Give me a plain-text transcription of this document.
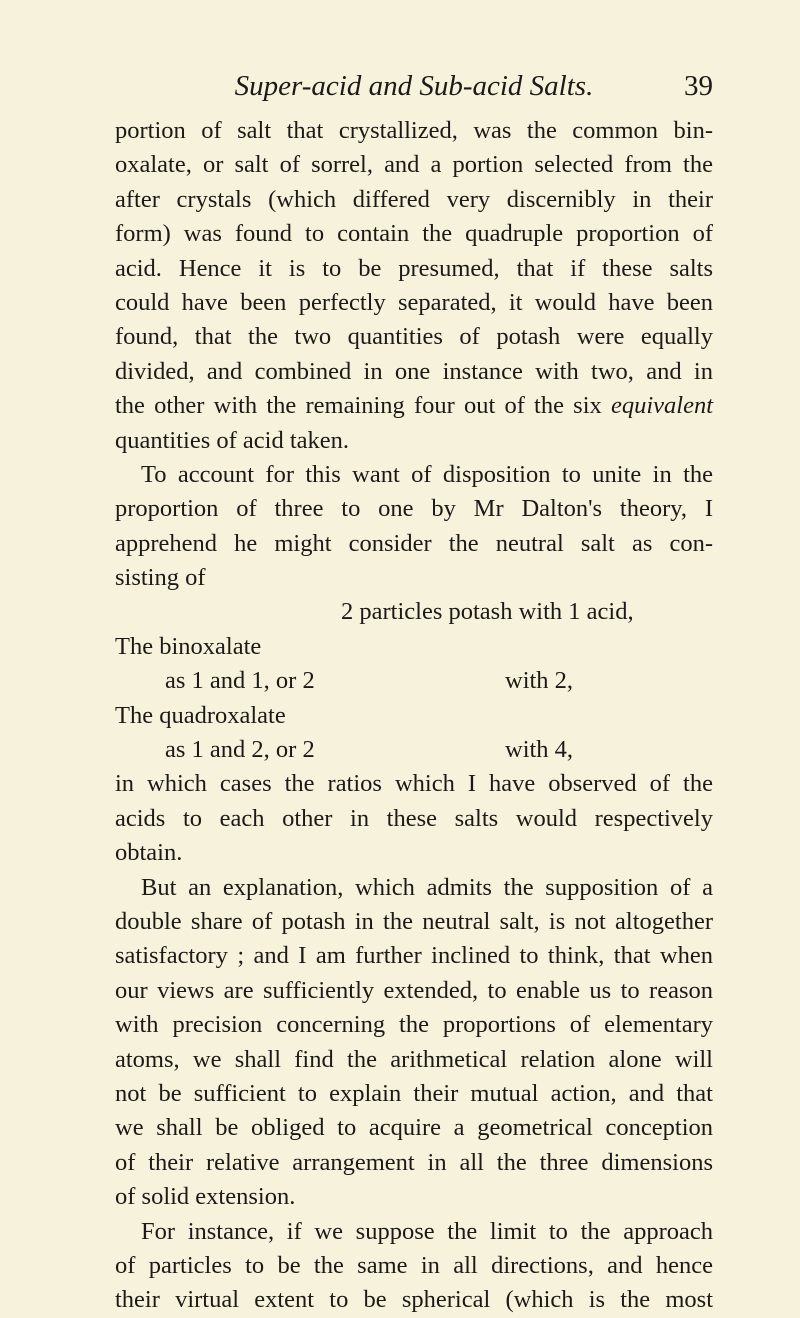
Super-acid and Sub-acid Salts.	39
portion of salt that crystallized, was the common bin-
oxalate, or salt of sorrel, and a portion selected from the
after crystals (which differed very discernibly in their
form) was found to contain the quadruple proportion of
acid. Hence it is to be presumed, that if these salts
could have been perfectly separated, it would have been
found, that the two quantities of potash were equally
divided, and combined in one instance with two, and in
the other with the remaining four out of the six equivalent
quantities of acid taken.
To account for this want of disposition to unite in the
proportion of three to one by Mr Dalton's theory, I
apprehend he might consider the neutral salt as con-
sisting of
2 particles potash with 1 acid,
The binoxalate
as 1 and 1, or 2	with 2,
The quadroxalate
as 1 and 2, or 2	with 4,
in which cases the ratios which I have observed of the
acids to each other in these salts would respectively
obtain.
But an explanation, which admits the supposition of a
double share of potash in the neutral salt, is not altogether
satisfactory ; and I am further inclined to think, that when
our views are sufficiently extended, to enable us to reason
with precision concerning the proportions of elementary
atoms, we shall find the arithmetical relation alone will
not be sufficient to explain their mutual action, and that
we shall be obliged to acquire a geometrical conception
of their relative arrangement in all the three dimensions
of solid extension.
For instance, if we suppose the limit to the approach
of particles to be the same in all directions, and hence
their virtual extent to be spherical (which is the most
